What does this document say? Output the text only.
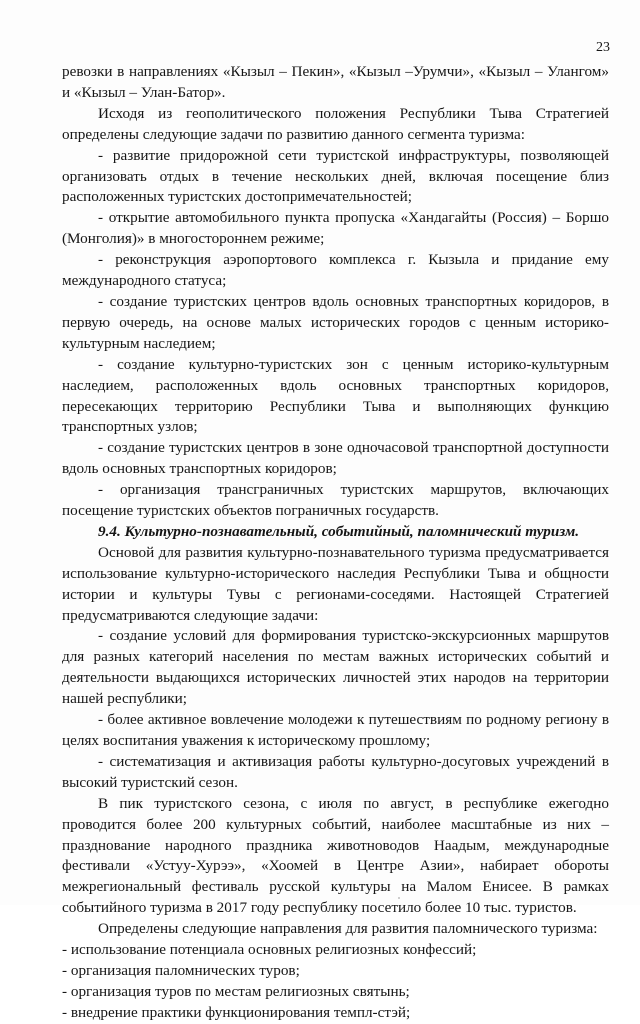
23

ревозки в направлениях «Кызыл – Пекин», «Кызыл –Урумчи», «Кызыл – Улангом» и «Кызыл – Улан-Батор».

Исходя из геополитического положения Республики Тыва Стратегией определены следующие задачи по развитию данного сегмента туризма:

- развитие придорожной сети туристской инфраструктуры, позволяющей организовать отдых в течение нескольких дней, включая посещение близ расположенных туристских достопримечательностей;

- открытие автомобильного пункта пропуска «Хандагайты (Россия) – Боршо (Монголия)» в многостороннем режиме;

- реконструкция аэропортового комплекса г. Кызыла и придание ему международного статуса;

- создание туристских центров вдоль основных транспортных коридоров, в первую очередь, на основе малых исторических городов с ценным историко-культурным наследием;

- создание культурно-туристских зон с ценным историко-культурным наследием, расположенных вдоль основных транспортных коридоров, пересекающих территорию Республики Тыва и выполняющих функцию транспортных узлов;

- создание туристских центров в зоне одночасовой транспортной доступности вдоль основных транспортных коридоров;

- организация трансграничных туристских маршрутов, включающих посещение туристских объектов пограничных государств.

9.4. Культурно-познавательный, событийный, паломнический туризм.

Основой для развития культурно-познавательного туризма предусматривается использование культурно-исторического наследия Республики Тыва и общности истории и культуры Тувы с регионами-соседями. Настоящей Стратегией предусматриваются следующие задачи:

- создание условий для формирования туристско-экскурсионных маршрутов для разных категорий населения по местам важных исторических событий и деятельности выдающихся исторических личностей этих народов на территории нашей республики;

- более активное вовлечение молодежи к путешествиям по родному региону в целях воспитания уважения к историческому прошлому;

- систематизация и активизация работы культурно-досуговых учреждений в высокий туристский сезон.

В пик туристского сезона, с июля по август, в республике ежегодно проводится более 200 культурных событий, наиболее масштабные из них – празднование народного праздника животноводов Наадым, международные фестивали «Устуу-Хурээ», «Хоомей в Центре Азии», набирает обороты межрегиональный фестиваль русской культуры на Малом Енисее. В рамках событийного туризма в 2017 году республику посетило более 10 тыс. туристов.

Определены следующие направления для развития паломнического туризма:

- использование потенциала основных религиозных конфессий;

- организация паломнических туров;

- организация туров по местам религиозных святынь;

- внедрение практики функционирования темпл-стэй;
